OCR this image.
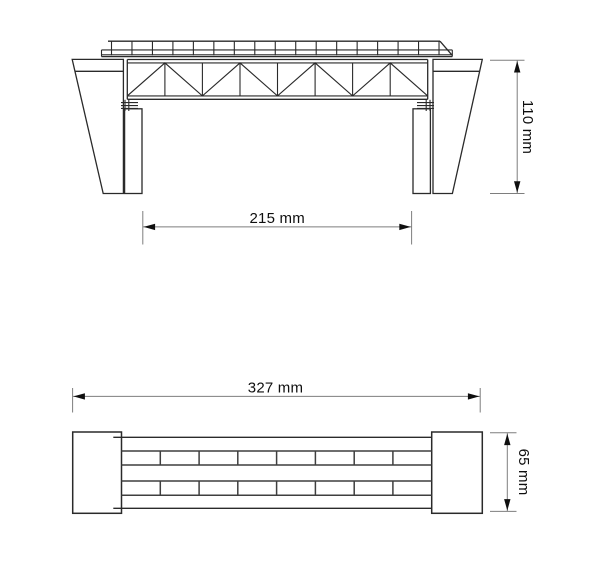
110 mm
215 mm
327 mm
65 mm
